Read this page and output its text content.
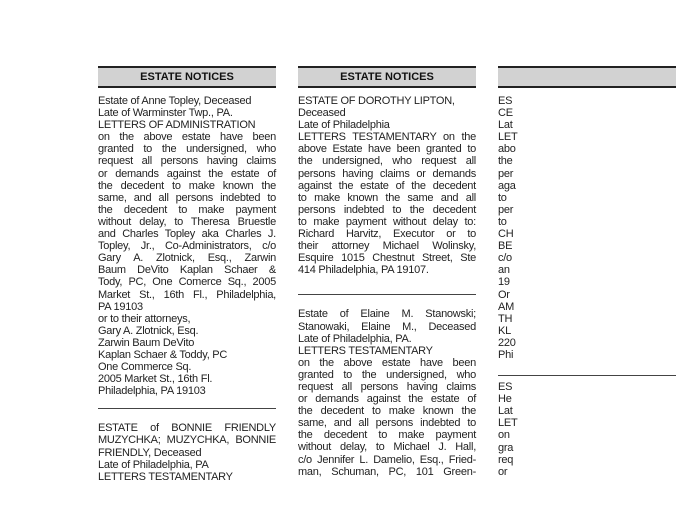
ESTATE NOTICES
Estate of Anne Topley, Deceased
Late of Warminster Twp., PA.
LETTERS OF ADMINISTRATION
on the above estate have been
granted to the undersigned, who
request all persons having claims
or demands against the estate of
the decedent to make known the
same, and all persons indebted to
the decedent to make payment
without delay, to Theresa Bruestle
and Charles Topley aka Charles J.
Topley, Jr., Co-Administrators, c/o
Gary A. Zlotnick, Esq., Zarwin
Baum DeVito Kaplan Schaer &
Tody, PC, One Comerce Sq., 2005
Market St., 16th Fl., Philadelphia,
PA 19103
or to their attorneys,
Gary A. Zlotnick, Esq.
Zarwin Baum DeVito
Kaplan Schaer & Toddy, PC
One Commerce Sq.
2005 Market St., 16th Fl.
Philadelphia, PA 19103
ESTATE of BONNIE FRIENDLY
MUZYCHKA; MUZYCHKA, BONNIE
FRIENDLY, Deceased
Late of Philadelphia, PA
LETTERS TESTAMENTARY
ESTATE NOTICES
ESTATE OF DOROTHY LIPTON,
Deceased
Late of Philadelphia
LETTERS TESTAMENTARY on the
above Estate have been granted to
the undersigned, who request all
persons having claims or demands
against the estate of the decedent
to make known the same and all
persons indebted to the decedent
to make payment without delay to:
Richard Harvitz, Executor or to
their attorney Michael Wolinsky,
Esquire 1015 Chestnut Street, Ste
414 Philadelphia, PA 19107.
Estate of Elaine M. Stanowski;
Stanowaki, Elaine M., Deceased
Late of Philadelphia, PA.
LETTERS TESTAMENTARY
on the above estate have been
granted to the undersigned, who
request all persons having claims
or demands against the estate of
the decedent to make known the
same, and all persons indebted to
the decedent to make payment
without delay, to Michael J. Hall,
c/o Jennifer L. Damelio, Esq., Fried-
man, Schuman, PC, 101 Green-
ES
CE
Lat
LET
abo
the
per
aga
to
per
to
CH
BE
c/o
an
19
Or
AM
TH
KL
220
Phi
ES
He
Lat
LET
on
gra
req
or
